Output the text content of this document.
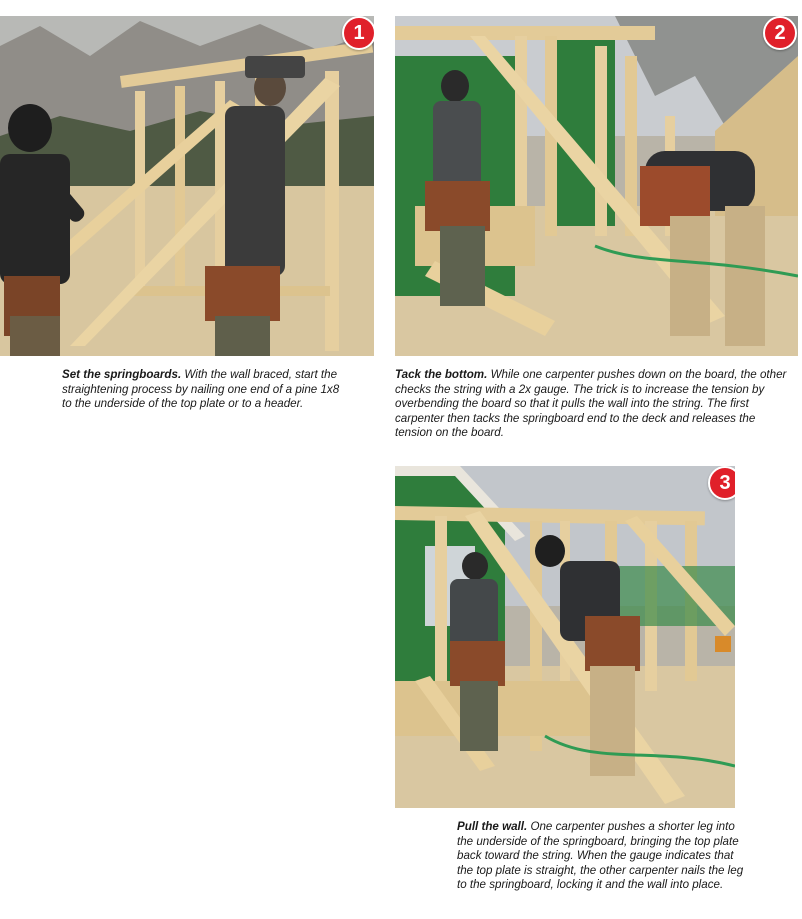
1	2

Set the springboards. With the wall braced, start the straightening process by nailing one end of a pine 1x8 to the underside of the top plate or to a header.

Tack the bottom. While one carpenter pushes down on the board, the other checks the string with a 2x gauge. The trick is to increase the tension by overbending the board so that it pulls the wall into the string. The first carpenter then tacks the springboard end to the deck and releases the tension on the board.

3

Pull the wall. One carpenter pushes a shorter leg into the underside of the springboard, bringing the top plate back toward the string. When the gauge indicates that the top plate is straight, the other carpenter nails the leg to the springboard, locking it and the wall into place.
